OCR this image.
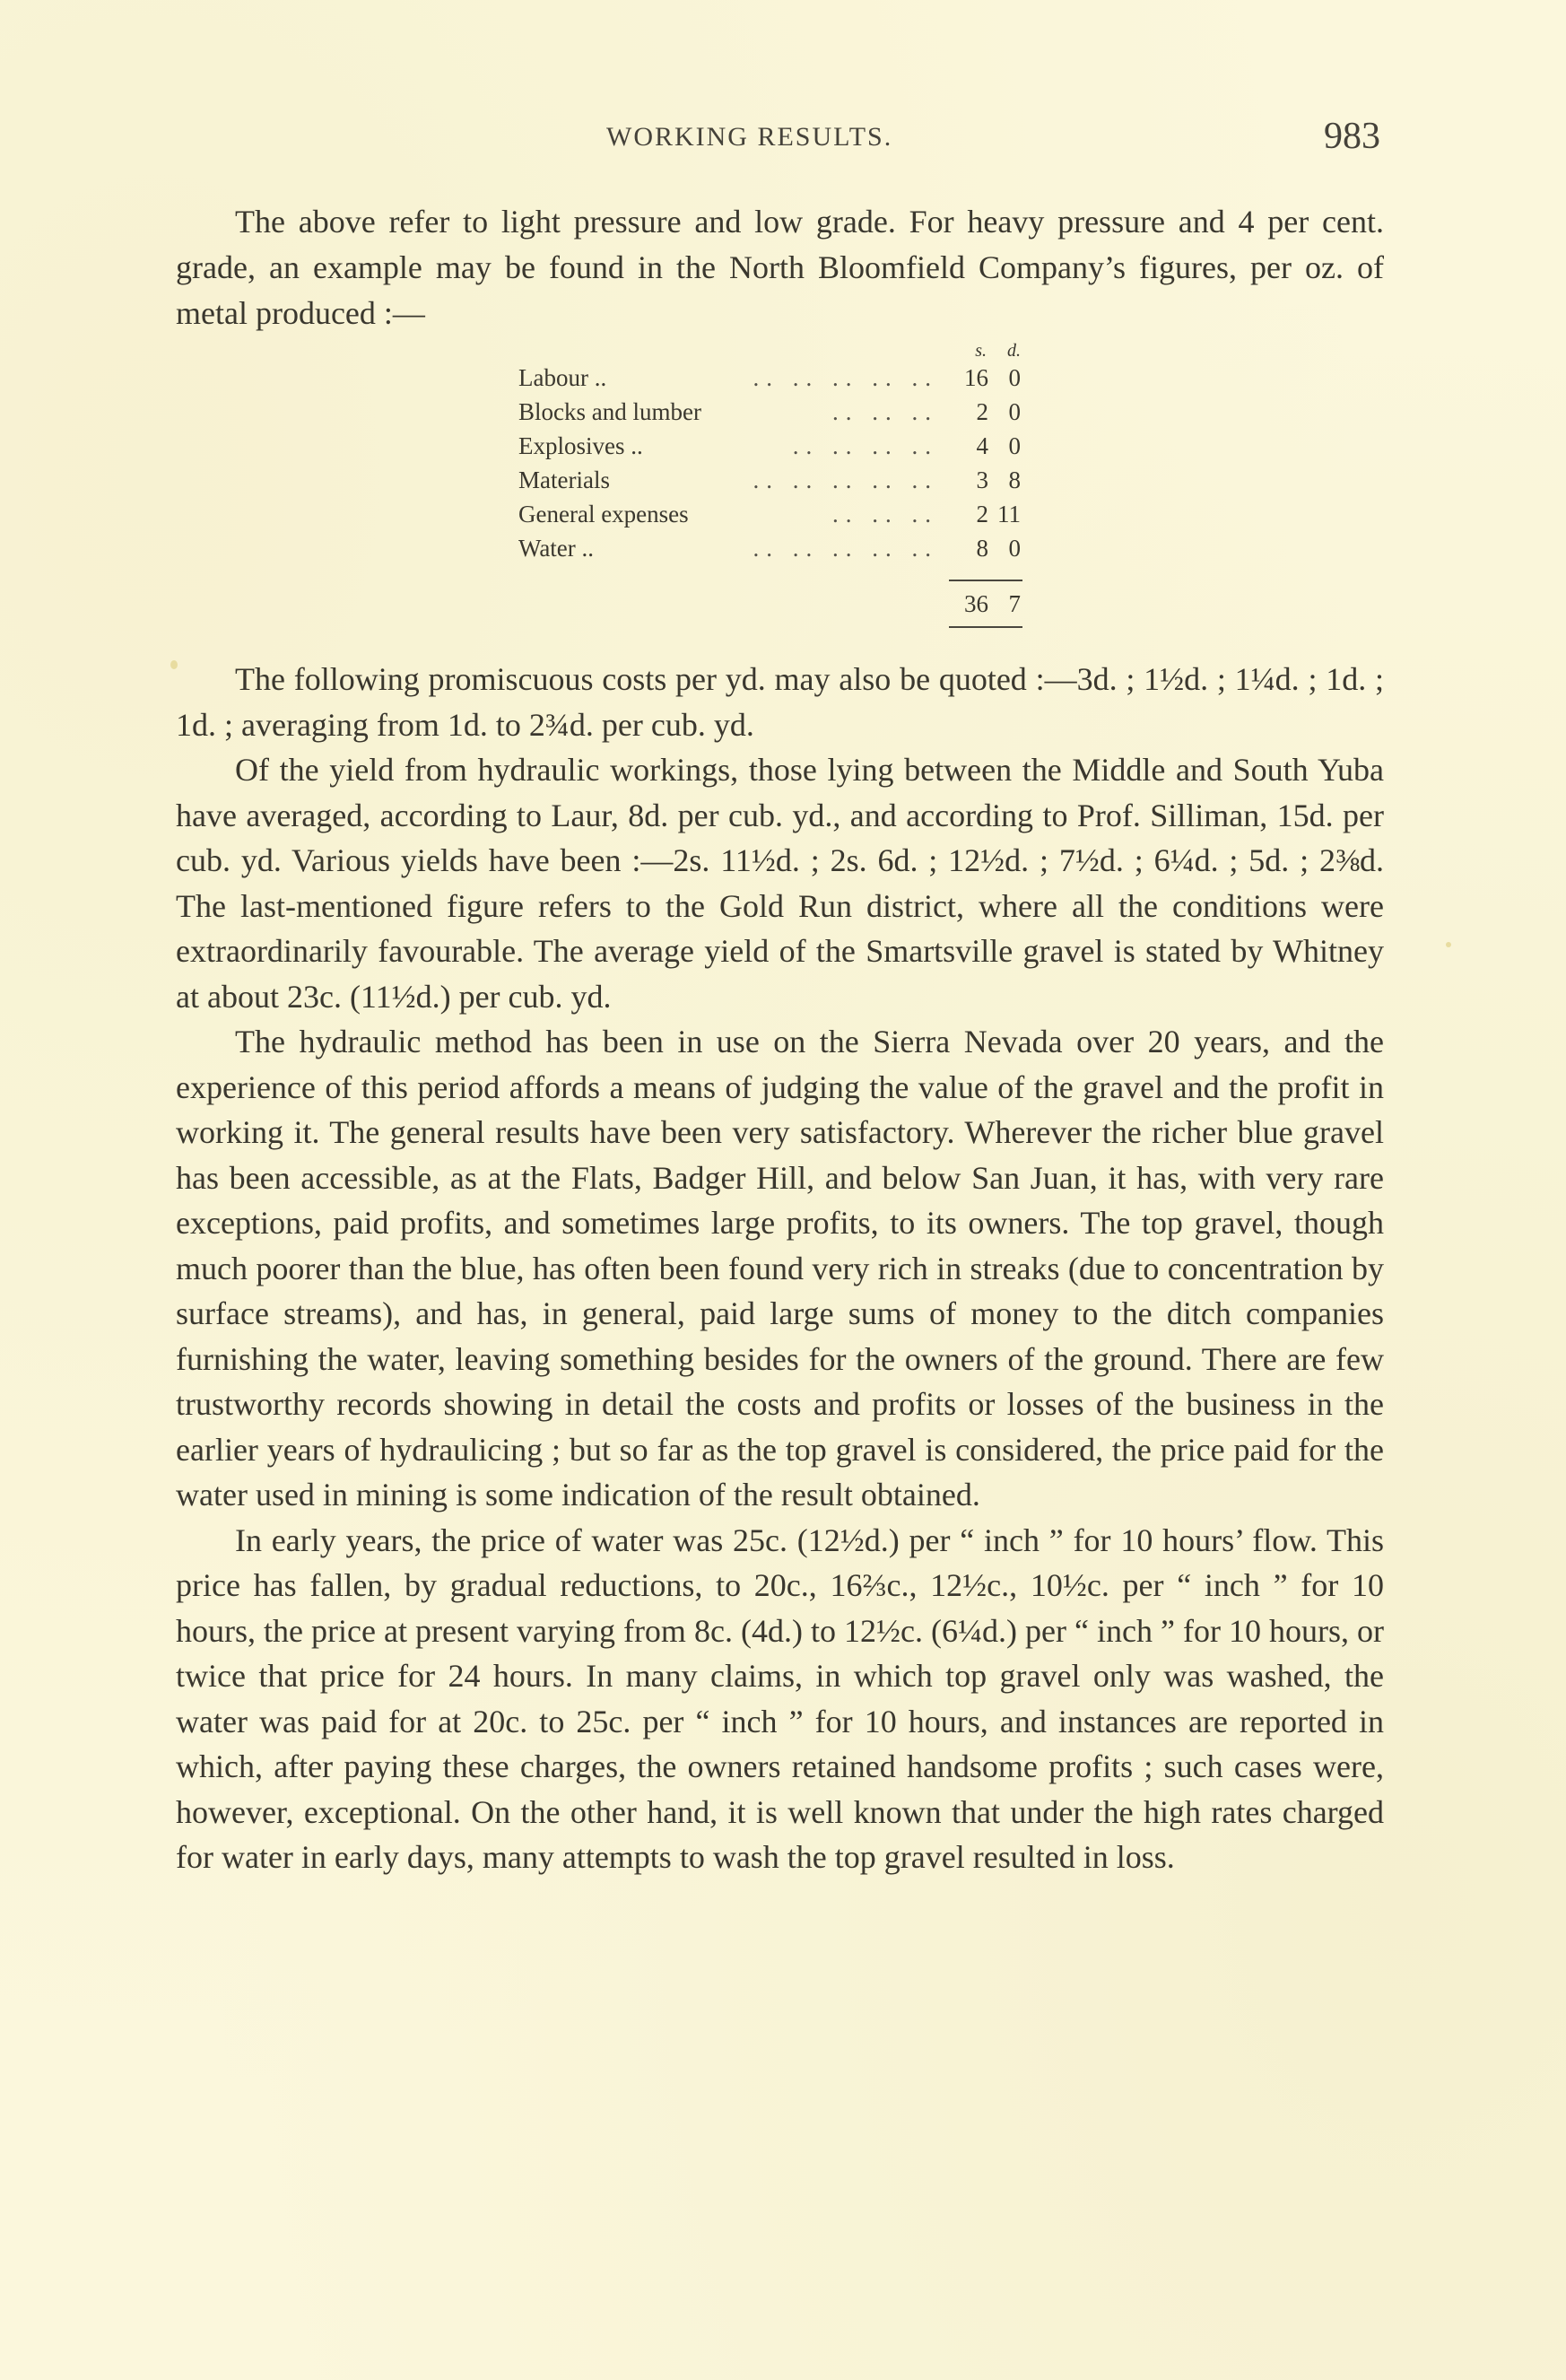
WORKING RESULTS.	983

The above refer to light pressure and low grade. For heavy pressure and 4 per cent. grade, an example may be found in the North Bloomfield Company’s figures, per oz. of metal produced :—

s.	d.
Labour ..	.. .. .. .. ..	16 0
Blocks and lumber	.. .. ..	2 0
Explosives ..	.. .. .. ..	4 0
Materials	.. .. .. .. ..	3 8
General expenses	.. .. ..	2 11
Water ..	.. .. .. .. ..	8 0
36 7

The following promiscuous costs per yd. may also be quoted :—3d. ; 1½d. ; 1¼d. ; 1d. ; 1d. ; averaging from 1d. to 2¾d. per cub. yd.

Of the yield from hydraulic workings, those lying between the Middle and South Yuba have averaged, according to Laur, 8d. per cub. yd., and according to Prof. Silliman, 15d. per cub. yd. Various yields have been :—2s. 11½d. ; 2s. 6d. ; 12½d. ; 7½d. ; 6¼d. ; 5d. ; 2⅜d. The last-mentioned figure refers to the Gold Run district, where all the conditions were extraordinarily favourable. The average yield of the Smartsville gravel is stated by Whitney at about 23c. (11½d.) per cub. yd.

The hydraulic method has been in use on the Sierra Nevada over 20 years, and the experience of this period affords a means of judging the value of the gravel and the profit in working it. The general results have been very satisfactory. Wherever the richer blue gravel has been accessible, as at the Flats, Badger Hill, and below San Juan, it has, with very rare exceptions, paid profits, and sometimes large profits, to its owners. The top gravel, though much poorer than the blue, has often been found very rich in streaks (due to concentration by surface streams), and has, in general, paid large sums of money to the ditch companies furnishing the water, leaving something besides for the owners of the ground. There are few trustworthy records showing in detail the costs and profits or losses of the business in the earlier years of hydraulicing ; but so far as the top gravel is considered, the price paid for the water used in mining is some indication of the result obtained.

In early years, the price of water was 25c. (12½d.) per “ inch ” for 10 hours’ flow. This price has fallen, by gradual reductions, to 20c., 16⅔c., 12½c., 10½c. per “ inch ” for 10 hours, the price at present varying from 8c. (4d.) to 12½c. (6¼d.) per “ inch ” for 10 hours, or twice that price for 24 hours. In many claims, in which top gravel only was washed, the water was paid for at 20c. to 25c. per “ inch ” for 10 hours, and instances are reported in which, after paying these charges, the owners retained handsome profits ; such cases were, however, exceptional. On the other hand, it is well known that under the high rates charged for water in early days, many attempts to wash the top gravel resulted in loss.
